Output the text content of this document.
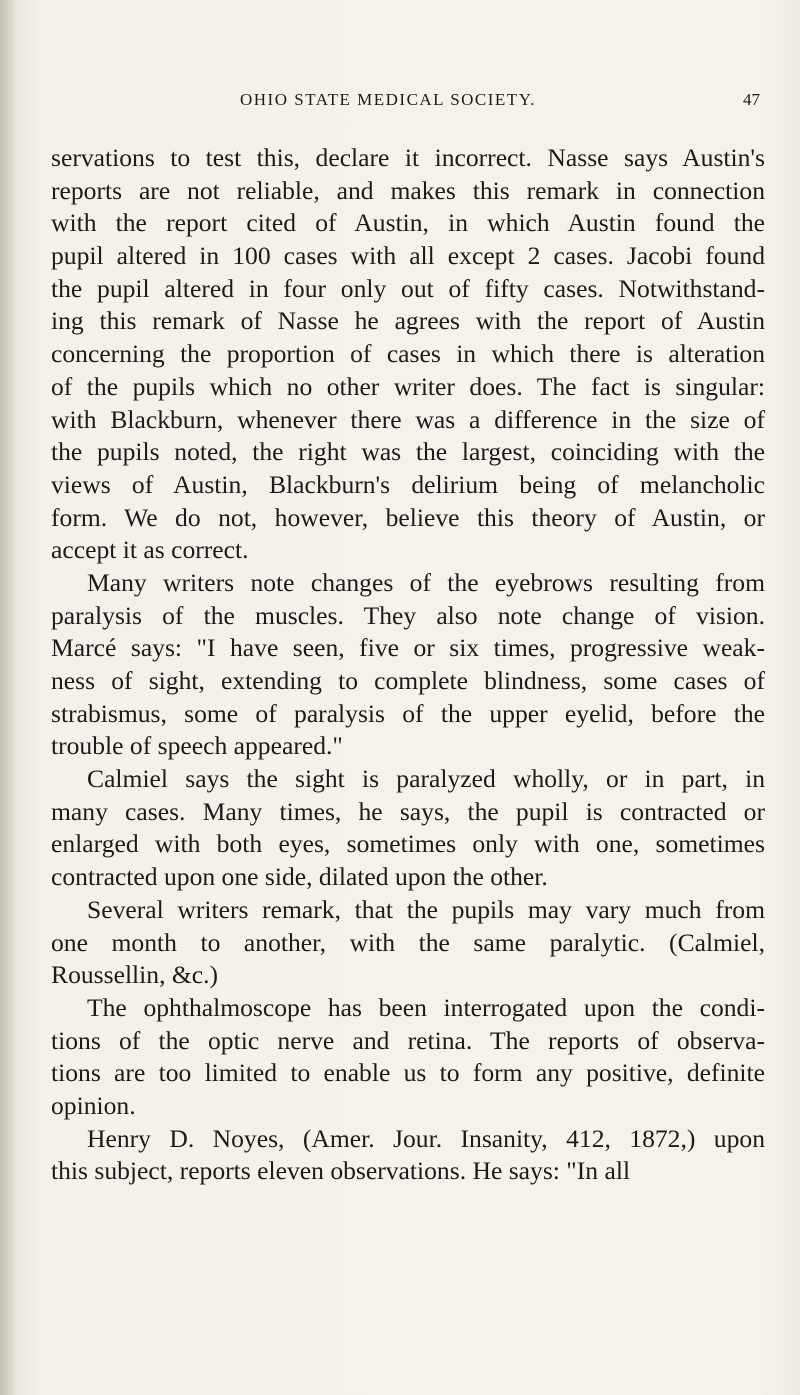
OHIO STATE MEDICAL SOCIETY.	47
servations to test this, declare it incorrect. Nasse says Austin's
reports are not reliable, and makes this remark in connection
with the report cited of Austin, in which Austin found the
pupil altered in 100 cases with all except 2 cases. Jacobi found
the pupil altered in four only out of fifty cases. Notwithstand-
ing this remark of Nasse he agrees with the report of Austin
concerning the proportion of cases in which there is alteration
of the pupils which no other writer does. The fact is singular:
with Blackburn, whenever there was a difference in the size of
the pupils noted, the right was the largest, coinciding with the
views of Austin, Blackburn's delirium being of melancholic
form. We do not, however, believe this theory of Austin, or
accept it as correct.
Many writers note changes of the eyebrows resulting from
paralysis of the muscles. They also note change of vision.
Marcé says: "I have seen, five or six times, progressive weak-
ness of sight, extending to complete blindness, some cases of
strabismus, some of paralysis of the upper eyelid, before the
trouble of speech appeared."
Calmiel says the sight is paralyzed wholly, or in part, in
many cases. Many times, he says, the pupil is contracted or
enlarged with both eyes, sometimes only with one, sometimes
contracted upon one side, dilated upon the other.
Several writers remark, that the pupils may vary much from
one month to another, with the same paralytic. (Calmiel,
Roussellin, &c.)
The ophthalmoscope has been interrogated upon the condi-
tions of the optic nerve and retina. The reports of observa-
tions are too limited to enable us to form any positive, definite
opinion.
Henry D. Noyes, (Amer. Jour. Insanity, 412, 1872,) upon
this subject, reports eleven observations. He says: "In all
